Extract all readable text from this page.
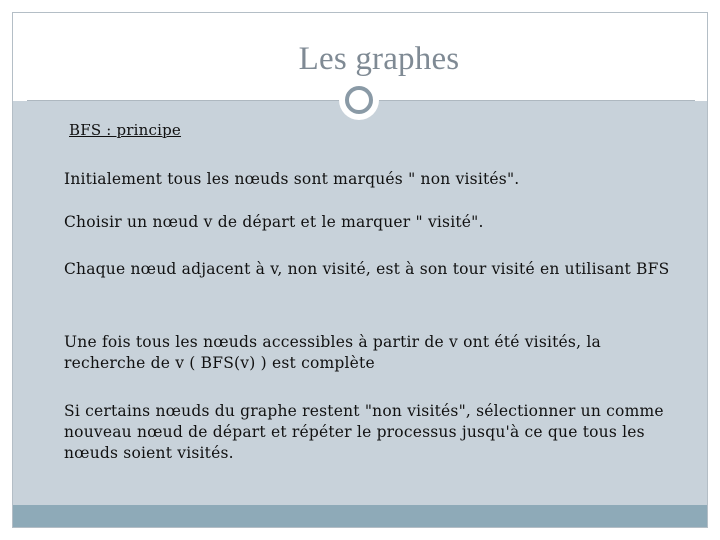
Les graphes
BFS : principe
Initialement tous les nœuds sont marqués " non visités".
Choisir un nœud v de départ et le marquer " visité".
Chaque nœud adjacent à v, non visité, est à son tour visité en utilisant BFS
Une fois tous les nœuds accessibles à partir de v ont été visités, la recherche de v ( BFS(v) ) est complète
Si certains nœuds du graphe restent "non visités", sélectionner un comme nouveau nœud de départ et répéter le processus jusqu'à ce que tous les nœuds soient visités.
